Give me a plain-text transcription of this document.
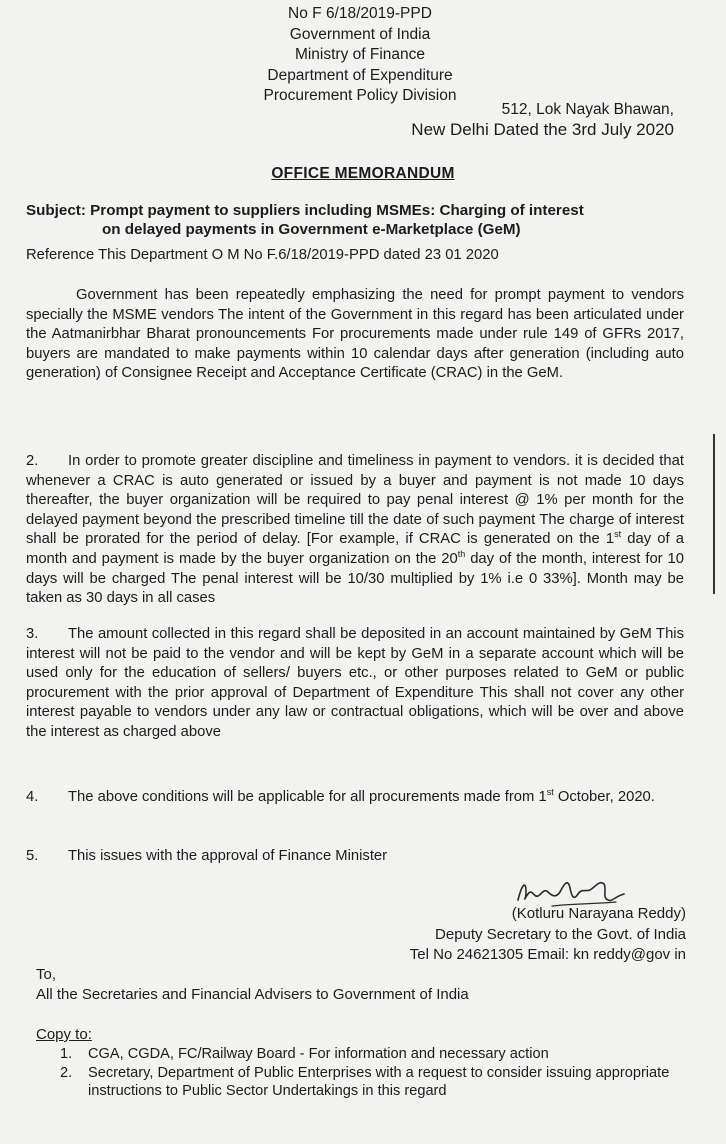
No F 6/18/2019-PPD
Government of India
Ministry of Finance
Department of Expenditure
Procurement Policy Division
512, Lok Nayak Bhawan,
New Delhi Dated the 3rd July 2020
OFFICE MEMORANDUM
Subject: Prompt payment to suppliers including MSMEs: Charging of interest
on delayed payments in Government e-Marketplace (GeM)
Reference This Department O M No F.6/18/2019-PPD dated 23 01 2020

Government has been repeatedly emphasizing the need for prompt payment to vendors specially the MSME vendors The intent of the Government in this regard has been articulated under the Aatmanirbhar Bharat pronouncements For procurements made under rule 149 of GFRs 2017, buyers are mandated to make payments within 10 calendar days after generation (including auto generation) of Consignee Receipt and Acceptance Certificate (CRAC) in the GeM.

2. In order to promote greater discipline and timeliness in payment to vendors. it is decided that whenever a CRAC is auto generated or issued by a buyer and payment is not made 10 days thereafter, the buyer organization will be required to pay penal interest @ 1% per month for the delayed payment beyond the prescribed timeline till the date of such payment The charge of interest shall be prorated for the period of delay. [For example, if CRAC is generated on the 1st day of a month and payment is made by the buyer organization on the 20th day of the month, interest for 10 days will be charged The penal interest will be 10/30 multiplied by 1% i.e 0 33%]. Month may be taken as 30 days in all cases

3. The amount collected in this regard shall be deposited in an account maintained by GeM This interest will not be paid to the vendor and will be kept by GeM in a separate account which will be used only for the education of sellers/ buyers etc., or other purposes related to GeM or public procurement with the prior approval of Department of Expenditure This shall not cover any other interest payable to vendors under any law or contractual obligations, which will be over and above the interest as charged above

4. The above conditions will be applicable for all procurements made from 1st October, 2020.

5. This issues with the approval of Finance Minister

(Kotluru Narayana Reddy)
Deputy Secretary to the Govt. of India
Tel No 24621305 Email: kn reddy@gov in
To,
All the Secretaries and Financial Advisers to Government of India
Copy to:
1. CGA, CGDA, FC/Railway Board - For information and necessary action
2. Secretary, Department of Public Enterprises with a request to consider issuing appropriate instructions to Public Sector Undertakings in this regard
